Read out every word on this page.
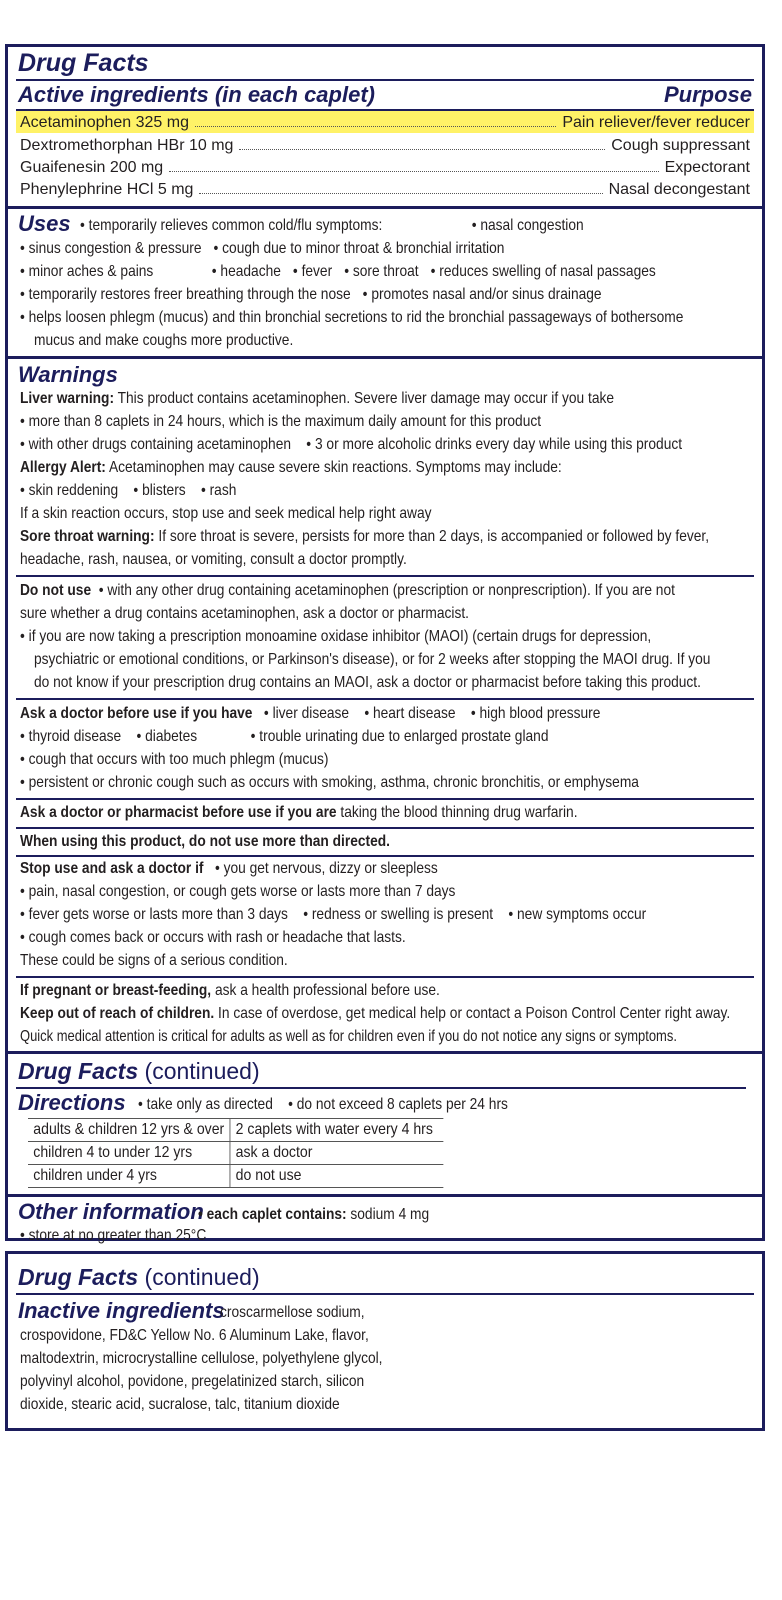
Drug Facts
Active ingredients (in each caplet)	Purpose
Acetaminophen 325 mg	Pain reliever/fever reducer
Dextromethorphan HBr 10 mg	Cough suppressant
Guaifenesin 200 mg	Expectorant
Phenylephrine HCl 5 mg	Nasal decongestant
Uses • temporarily relieves common cold/flu symptoms:	• nasal congestion
• sinus congestion & pressure • cough due to minor throat & bronchial irritation
• minor aches & pains	• headache • fever • sore throat • reduces swelling of nasal passages
• temporarily restores freer breathing through the nose • promotes nasal and/or sinus drainage
• helps loosen phlegm (mucus) and thin bronchial secretions to rid the bronchial passageways of bothersome
mucus and make coughs more productive.
Warnings
Liver warning: This product contains acetaminophen. Severe liver damage may occur if you take
• more than 8 caplets in 24 hours, which is the maximum daily amount for this product
• with other drugs containing acetaminophen    • 3 or more alcoholic drinks every day while using this product
Allergy Alert: Acetaminophen may cause severe skin reactions. Symptoms may include:
• skin reddening    • blisters    • rash
If a skin reaction occurs, stop use and seek medical help right away
Sore throat warning: If sore throat is severe, persists for more than 2 days, is accompanied or followed by fever,
headache, rash, nausea, or vomiting, consult a doctor promptly.
Do not use  • with any other drug containing acetaminophen (prescription or nonprescription). If you are not
sure whether a drug contains acetaminophen, ask a doctor or pharmacist.
• if you are now taking a prescription monoamine oxidase inhibitor (MAOI) (certain drugs for depression,
psychiatric or emotional conditions, or Parkinson's disease), or for 2 weeks after stopping the MAOI drug. If you
do not know if your prescription drug contains an MAOI, ask a doctor or pharmacist before taking this product.
Ask a doctor before use if you have   • liver disease    • heart disease    • high blood pressure
• thyroid disease    • diabetes              • trouble urinating due to enlarged prostate gland
• cough that occurs with too much phlegm (mucus)
• persistent or chronic cough such as occurs with smoking, asthma, chronic bronchitis, or emphysema
Ask a doctor or pharmacist before use if you are taking the blood thinning drug warfarin.
When using this product, do not use more than directed.
Stop use and ask a doctor if   • you get nervous, dizzy or sleepless
• pain, nasal congestion, or cough gets worse or lasts more than 7 days
• fever gets worse or lasts more than 3 days    • redness or swelling is present    • new symptoms occur
• cough comes back or occurs with rash or headache that lasts.
These could be signs of a serious condition.
If pregnant or breast-feeding, ask a health professional before use.
Keep out of reach of children. In case of overdose, get medical help or contact a Poison Control Center right away.
Quick medical attention is critical for adults as well as for children even if you do not notice any signs or symptoms.
Drug Facts (continued)
Directions • take only as directed    • do not exceed 8 caplets per 24 hrs
adults & children 12 yrs & over	2 caplets with water every 4 hrs
children 4 to under 12 yrs	ask a doctor
children under 4 yrs	do not use
Other information
• each caplet contains: sodium 4 mg
• store at no greater than 25°C
Drug Facts (continued)
Inactive ingredients
croscarmellose sodium,
crospovidone, FD&C Yellow No. 6 Aluminum Lake, flavor,
maltodextrin, microcrystalline cellulose, polyethylene glycol,
polyvinyl alcohol, povidone, pregelatinized starch, silicon
dioxide, stearic acid, sucralose, talc, titanium dioxide
